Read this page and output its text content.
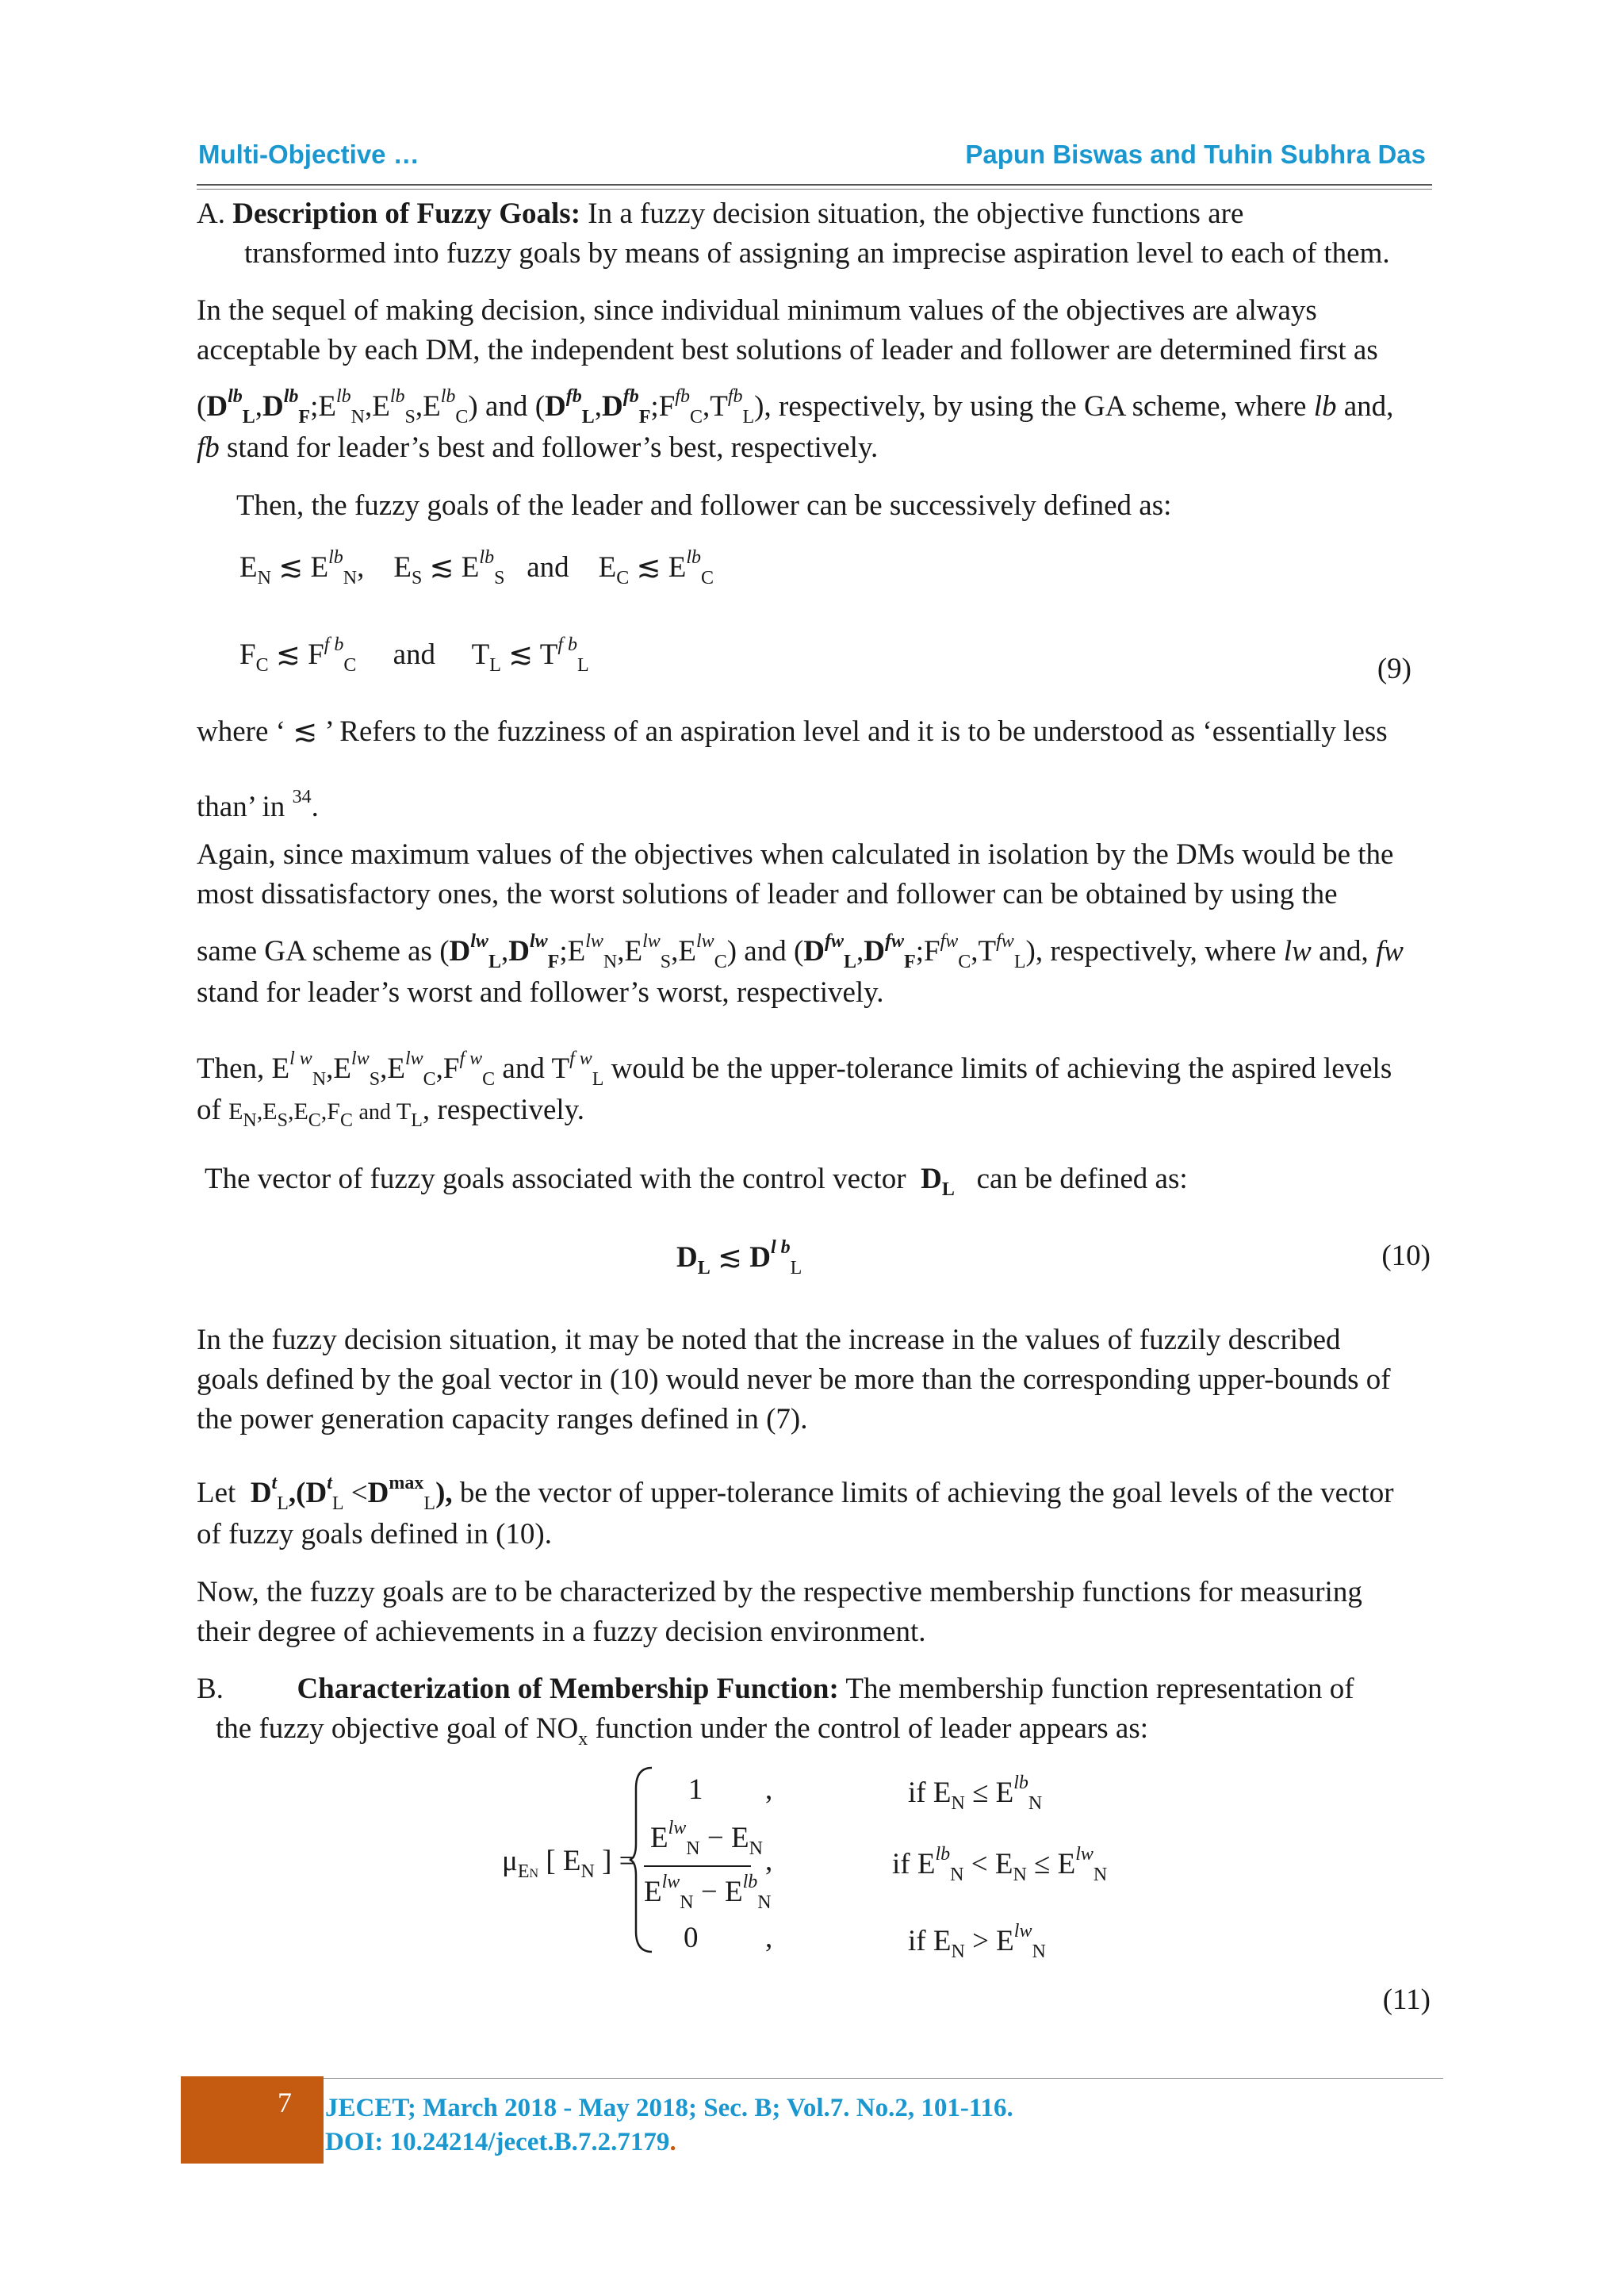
Multi-Objective …	Papun Biswas and Tuhin Subhra Das
A. Description of Fuzzy Goals: In a fuzzy decision situation, the objective functions are
transformed into fuzzy goals by means of assigning an imprecise aspiration level to each of them.
In the sequel of making decision, since individual minimum values of the objectives are always
acceptable by each DM, the independent best solutions of leader and follower are determined first as
$(D^{lb}_L,D^{lb}_F;E^{lb}_N,E^{lb}_S,E^{lb}_C)$ and $(D^{fb}_L,D^{fb}_F;F^{fb}_C,T^{fb}_L)$, respectively, by using the GA scheme, where lb and,
fb stand for leader’s best and follower’s best, respectively.
Then, the fuzzy goals of the leader and follower can be successively defined as:
$E_N$ ≲ $E^{lb}_N$,    $E_S$ ≲ $E^{lb}_S$ and    $E_C$ ≲ $E^{lb}_C$
$F_C$ ≲ $F^{f b}_C$ and     $T_L$ ≲ $T^{f b}_L$	(9)
where ‘ ≲ ’ Refers to the fuzziness of an aspiration level and it is to be understood as ‘essentially less
than’ in $^{34}$.
Again, since maximum values of the objectives when calculated in isolation by the DMs would be the
most dissatisfactory ones, the worst solutions of leader and follower can be obtained by using the
same GA scheme as $(D^{lw}_L,D^{lw}_F;E^{lw}_N,E^{lw}_S,E^{lw}_C)$ and $(D^{fw}_L,D^{fw}_F;F^{fw}_C,T^{fw}_L)$, respectively, where lw and, fw
stand for leader’s worst and follower’s worst, respectively.
Then, $E^{l w}_N,E^{lw}_S,E^{lw}_C,F^{f w}_C$ and $T^{f w}_L$ would be the upper-tolerance limits of achieving the aspired levels
of $E_N,E_S,E_C,F_C$ and $T_L$, respectively.
The vector of fuzzy goals associated with the control vector $D_L$ can be defined as:
$D_L$ ≲ $D^{l b}_L$	(10)
In the fuzzy decision situation, it may be noted that the increase in the values of fuzzily described
goals defined by the goal vector in (10) would never be more than the corresponding upper-bounds of
the power generation capacity ranges defined in (7).
Let $D^t_L,(D^t_L <D^{max}_L)$, be the vector of upper-tolerance limits of achieving the goal levels of the vector
of fuzzy goals defined in (10).
Now, the fuzzy goals are to be characterized by the respective membership functions for measuring
their degree of achievements in a fuzzy decision environment.
B.	Characterization of Membership Function: The membership function representation of
the fuzzy objective goal of $NO_x$ function under the control of leader appears as:
$\mu_{EN}$ [ $E_N$ ] =
1 ,	if $E_N \le E^{lb}_N$
$E^{lw}_N - E_N$
$E^{lw}_N - E^{lb}_N$
,	if $E^{lb}_N < E_N \le E^{lw}_N$
0 ,	if $E_N > E^{lw}_N$
(11)
7 JECET; March 2018 - May 2018; Sec. B; Vol.7. No.2, 101-116.
DOI: 10.24214/jecet.B.7.2.7179.
